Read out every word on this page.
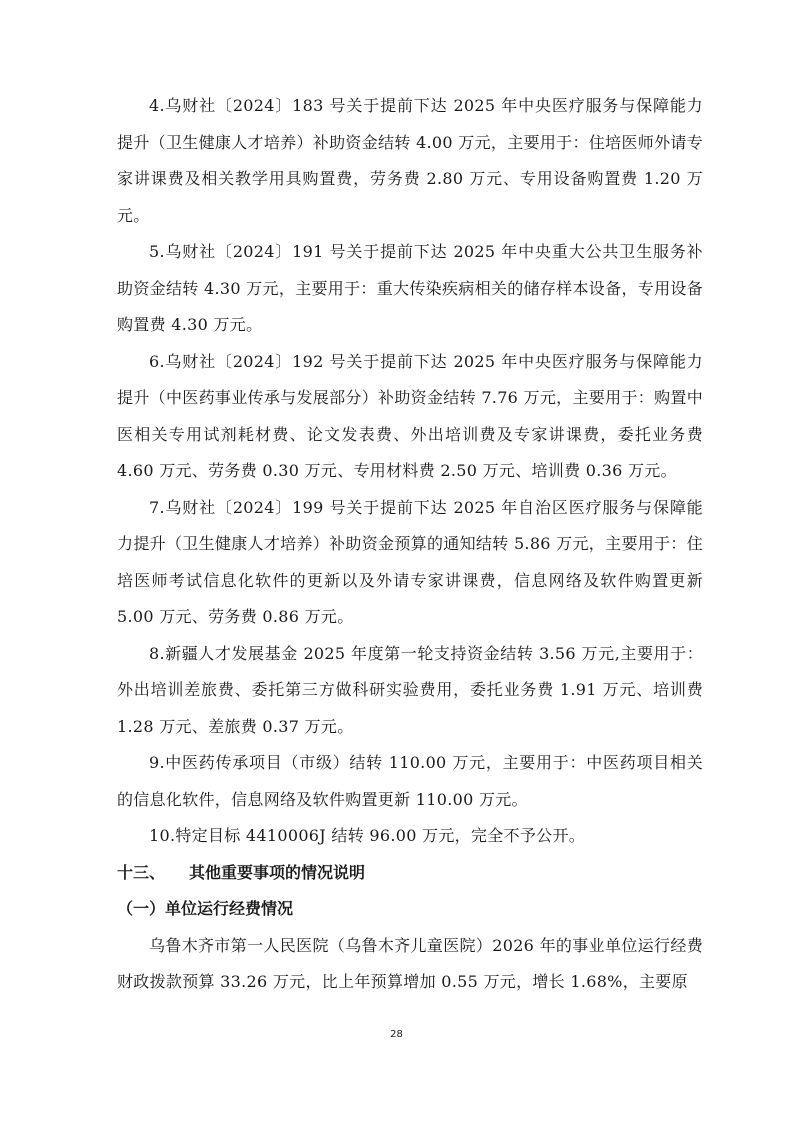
4.乌财社〔2024〕183 号关于提前下达 2025 年中央医疗服务与保障能力提升（卫生健康人才培养）补助资金结转 4.00 万元，主要用于：住培医师外请专家讲课费及相关教学用具购置费，劳务费 2.80 万元、专用设备购置费 1.20 万元。

5.乌财社〔2024〕191 号关于提前下达 2025 年中央重大公共卫生服务补助资金结转 4.30 万元，主要用于：重大传染疾病相关的储存样本设备，专用设备购置费 4.30 万元。

6.乌财社〔2024〕192 号关于提前下达 2025 年中央医疗服务与保障能力提升（中医药事业传承与发展部分）补助资金结转 7.76 万元，主要用于：购置中医相关专用试剂耗材费、论文发表费、外出培训费及专家讲课费，委托业务费 4.60 万元、劳务费 0.30 万元、专用材料费 2.50 万元、培训费 0.36 万元。

7.乌财社〔2024〕199 号关于提前下达 2025 年自治区医疗服务与保障能力提升（卫生健康人才培养）补助资金预算的通知结转 5.86 万元，主要用于：住培医师考试信息化软件的更新以及外请专家讲课费，信息网络及软件购置更新 5.00 万元、劳务费 0.86 万元。

8.新疆人才发展基金 2025 年度第一轮支持资金结转 3.56 万元,主要用于：外出培训差旅费、委托第三方做科研实验费用，委托业务费 1.91 万元、培训费 1.28 万元、差旅费 0.37 万元。

9.中医药传承项目（市级）结转 110.00 万元，主要用于：中医药项目相关的信息化软件，信息网络及软件购置更新 110.00 万元。

10.特定目标 4410006J 结转 96.00 万元，完全不予公开。

十三、 其他重要事项的情况说明

（一）单位运行经费情况

乌鲁木齐市第一人民医院（乌鲁木齐儿童医院）2026 年的事业单位运行经费财政拨款预算 33.26 万元，比上年预算增加 0.55 万元，增长 1.68%，主要原

28
